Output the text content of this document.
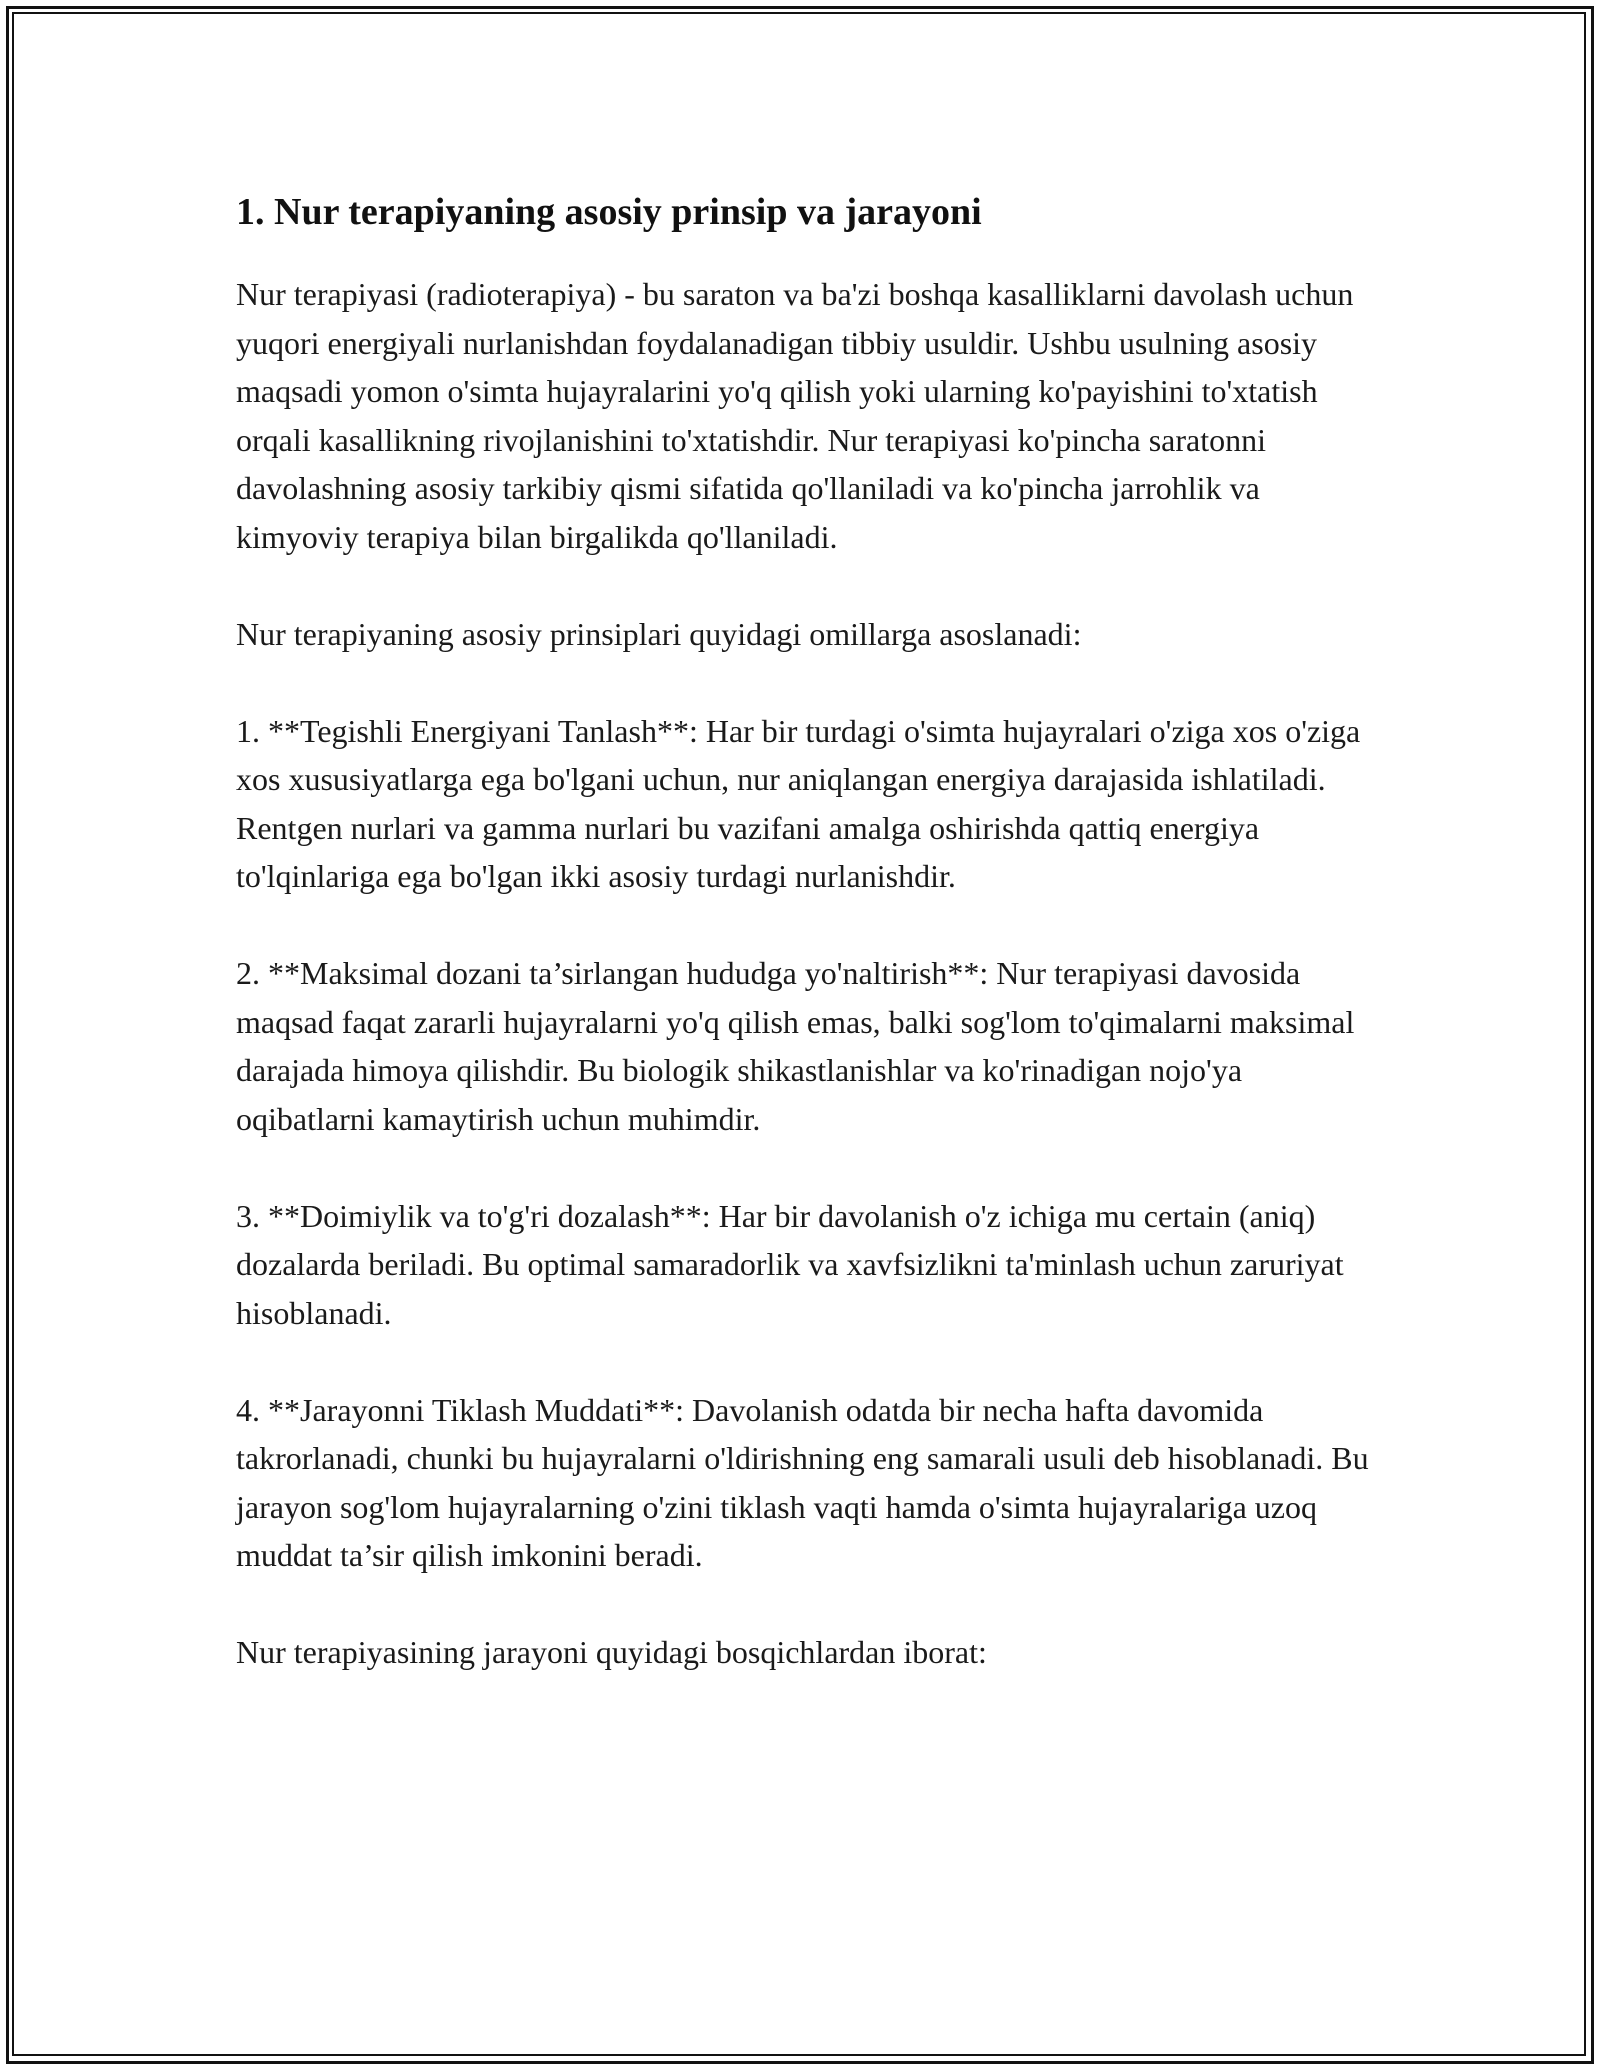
1. Nur terapiyaning asosiy prinsip va jarayoni

Nur terapiyasi (radioterapiya) - bu saraton va ba'zi boshqa kasalliklarni davolash uchun yuqori energiyali nurlanishdan foydalanadigan tibbiy usuldir. Ushbu usulning asosiy maqsadi yomon o'simta hujayralarini yo'q qilish yoki ularning ko'payishini to'xtatish orqali kasallikning rivojlanishini to'xtatishdir. Nur terapiyasi ko'pincha saratonni davolashning asosiy tarkibiy qismi sifatida qo'llaniladi va ko'pincha jarrohlik va kimyoviy terapiya bilan birgalikda qo'llaniladi.

Nur terapiyaning asosiy prinsiplari quyidagi omillarga asoslanadi:

1. **Tegishli Energiyani Tanlash**: Har bir turdagi o'simta hujayralari o'ziga xos o'ziga xos xususiyatlarga ega bo'lgani uchun, nur aniqlangan energiya darajasida ishlatiladi. Rentgen nurlari va gamma nurlari bu vazifani amalga oshirishda qattiq energiya to'lqinlariga ega bo'lgan ikki asosiy turdagi nurlanishdir.

2. **Maksimal dozani ta’sirlangan hududga yo'naltirish**: Nur terapiyasi davosida maqsad faqat zararli hujayralarni yo'q qilish emas, balki sog'lom to'qimalarni maksimal darajada himoya qilishdir. Bu biologik shikastlanishlar va ko'rinadigan nojo'ya oqibatlarni kamaytirish uchun muhimdir.

3. **Doimiylik va to'g'ri dozalash**: Har bir davolanish o'z ichiga mu certain (aniq) dozalarda beriladi. Bu optimal samaradorlik va xavfsizlikni ta'minlash uchun zaruriyat hisoblanadi.

4. **Jarayonni Tiklash Muddati**: Davolanish odatda bir necha hafta davomida takrorlanadi, chunki bu hujayralarni o'ldirishning eng samarali usuli deb hisoblanadi. Bu jarayon sog'lom hujayralarning o'zini tiklash vaqti hamda o'simta hujayralariga uzoq muddat ta’sir qilish imkonini beradi.

Nur terapiyasining jarayoni quyidagi bosqichlardan iborat:
